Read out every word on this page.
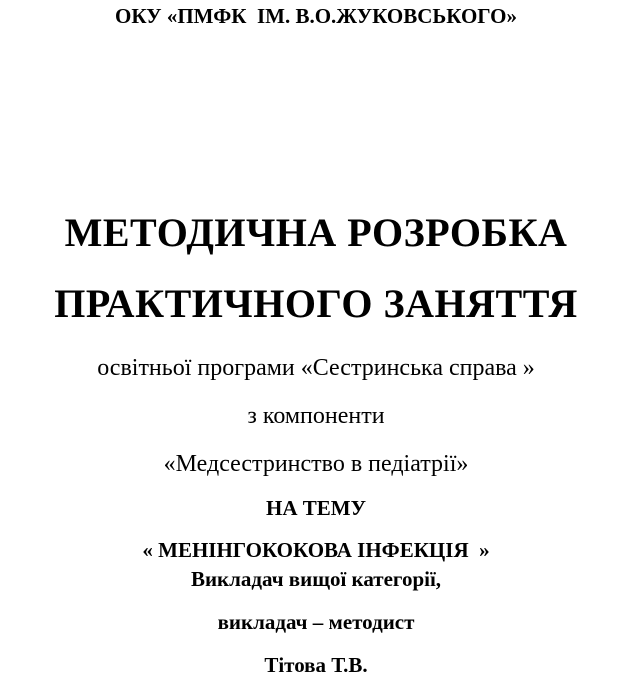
ОКУ «ПМФК  ІМ. В.О.ЖУКОВСЬКОГО»
МЕТОДИЧНА РОЗРОБКА
ПРАКТИЧНОГО ЗАНЯТТЯ
освітньої програми «Сестринська справа »
з компоненти
«Медсестринство в педіатрії»
НА ТЕМУ
« МЕНІНГОКОКОВА ІНФЕКЦІЯ  »
Викладач вищої категорії,
викладач – методист
Тітова Т.В.
